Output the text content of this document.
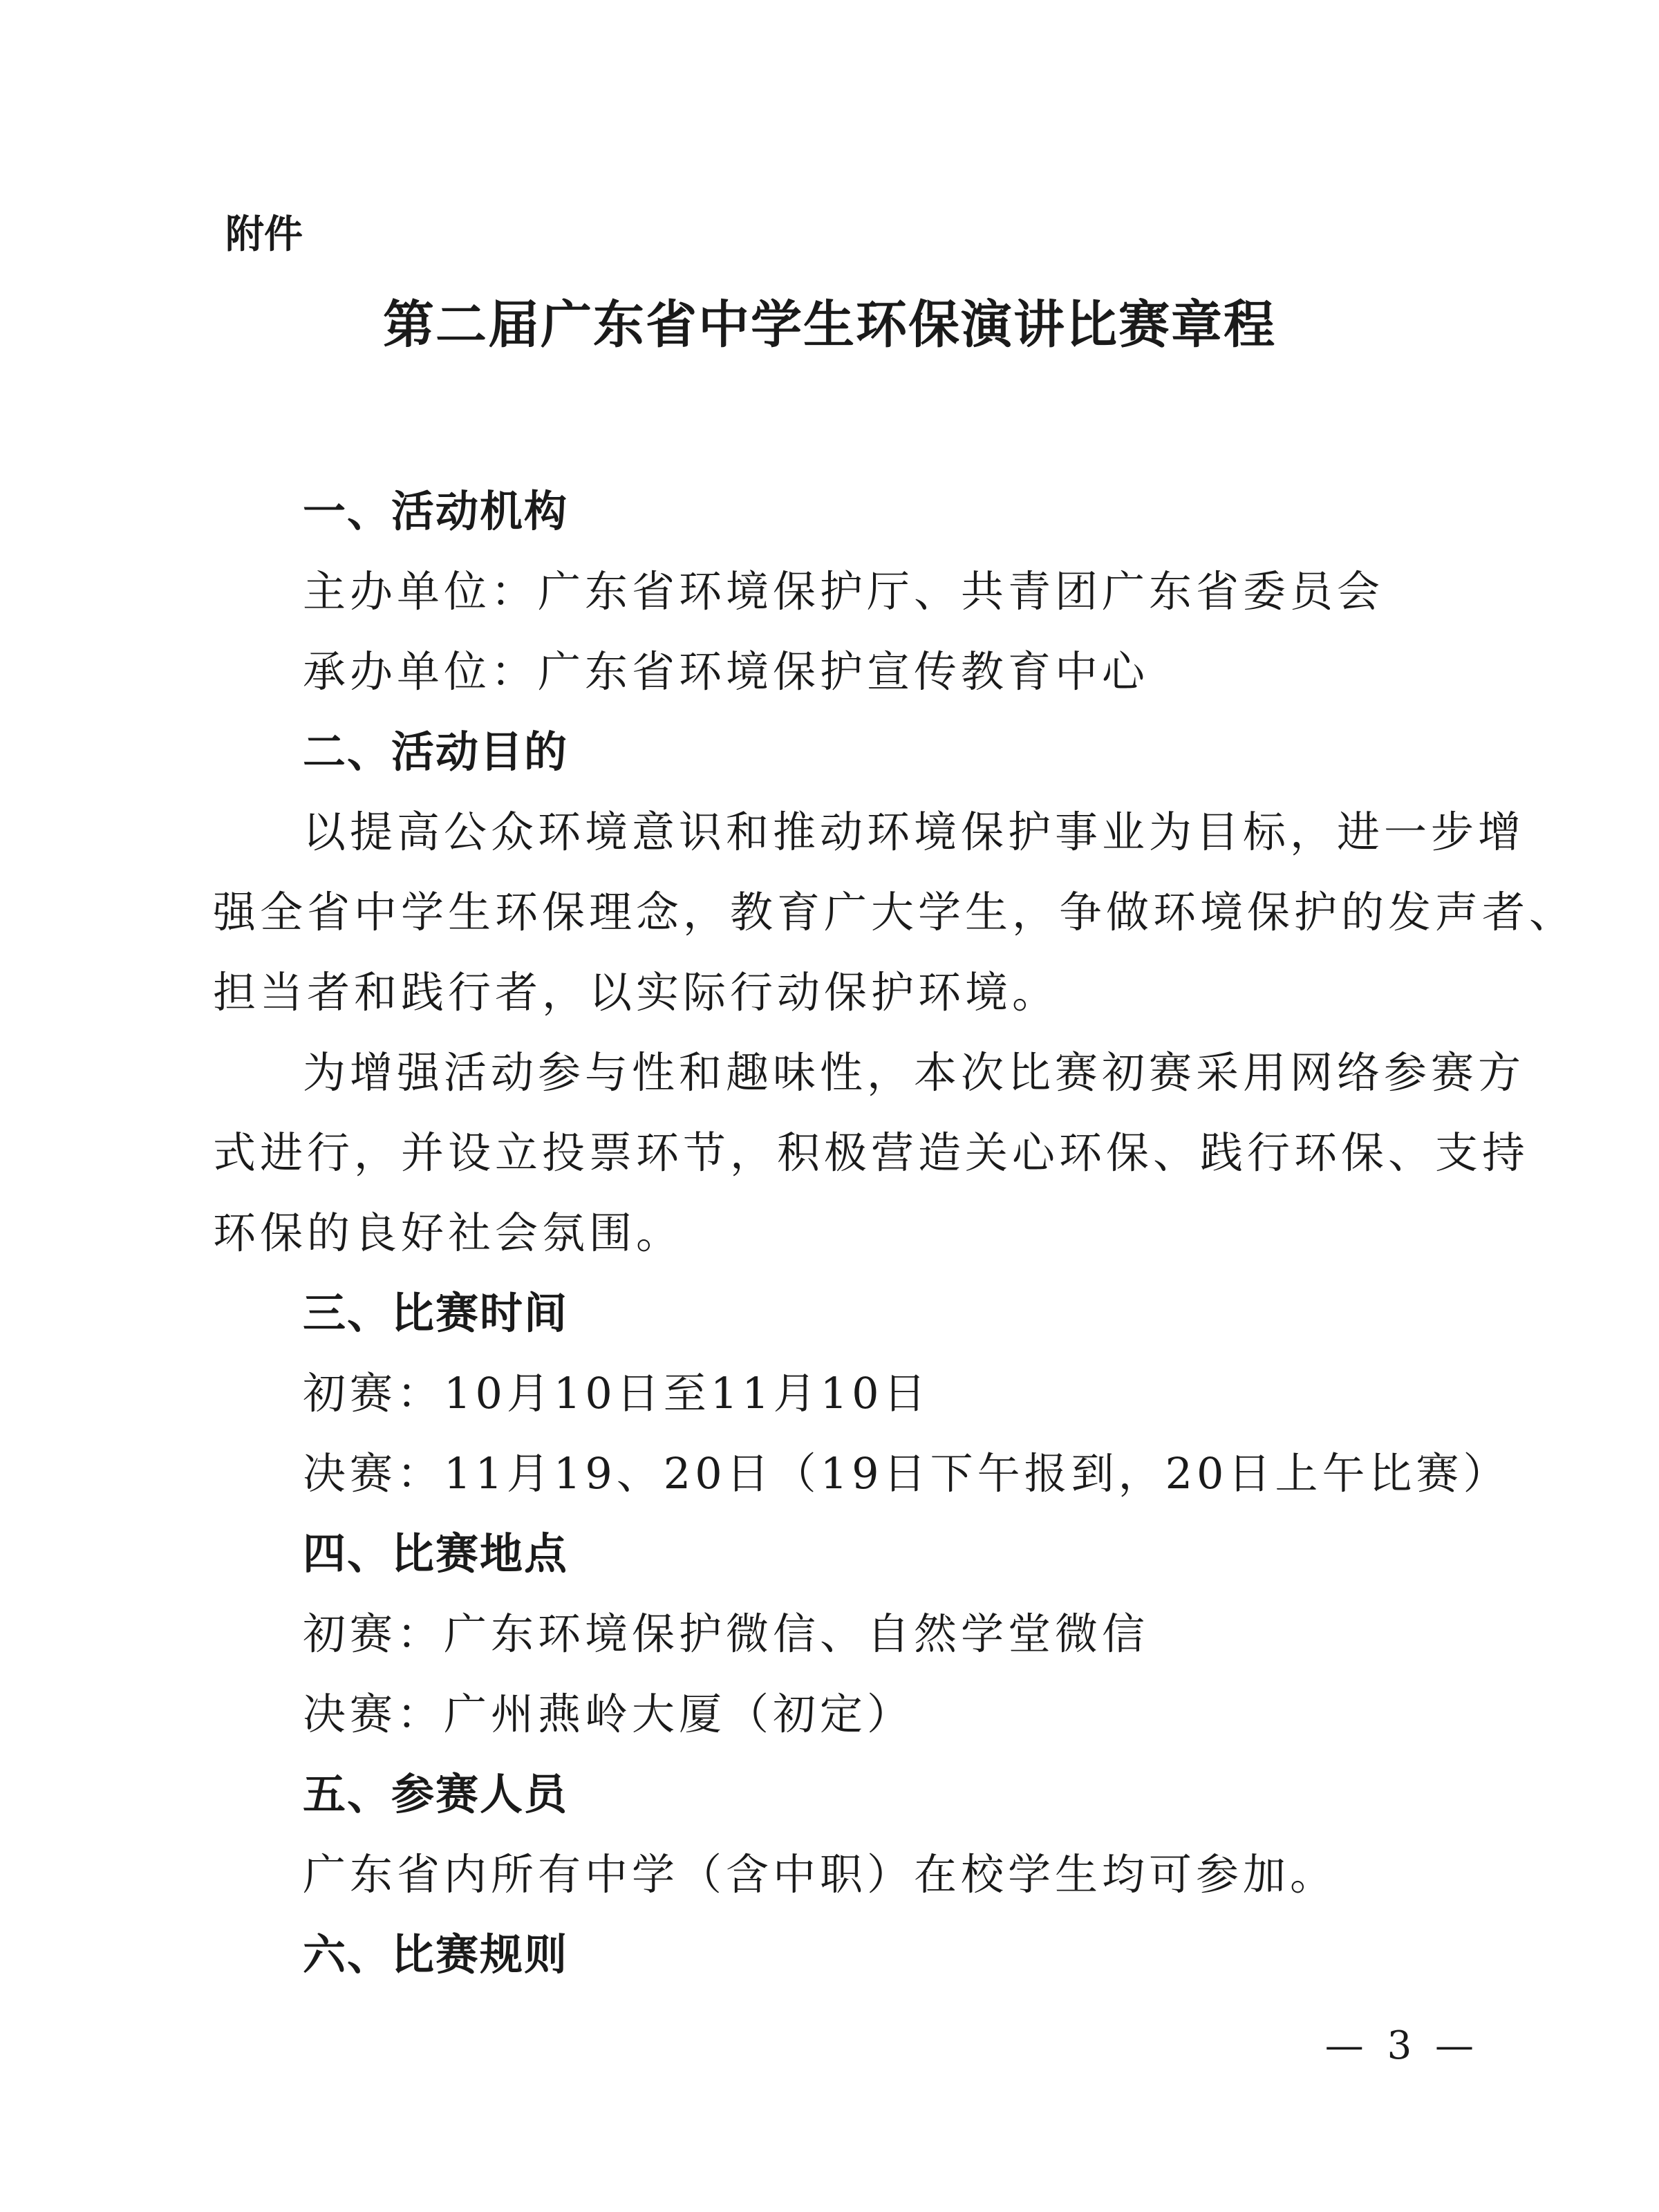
附件

第二届广东省中学生环保演讲比赛章程

一、活动机构

主办单位：广东省环境保护厅、共青团广东省委员会

承办单位：广东省环境保护宣传教育中心

二、活动目的

以提高公众环境意识和推动环境保护事业为目标，进一步增

强全省中学生环保理念，教育广大学生，争做环境保护的发声者、

担当者和践行者，以实际行动保护环境。

为增强活动参与性和趣味性，本次比赛初赛采用网络参赛方

式进行，并设立投票环节，积极营造关心环保、践行环保、支持

环保的良好社会氛围。

三、比赛时间

初赛：10月10日至11月10日

决赛：11月19、20日（19日下午报到，20日上午比赛）

四、比赛地点

初赛：广东环境保护微信、自然学堂微信

决赛：广州燕岭大厦（初定）

五、参赛人员

广东省内所有中学（含中职）在校学生均可参加。

六、比赛规则

— 3 —
